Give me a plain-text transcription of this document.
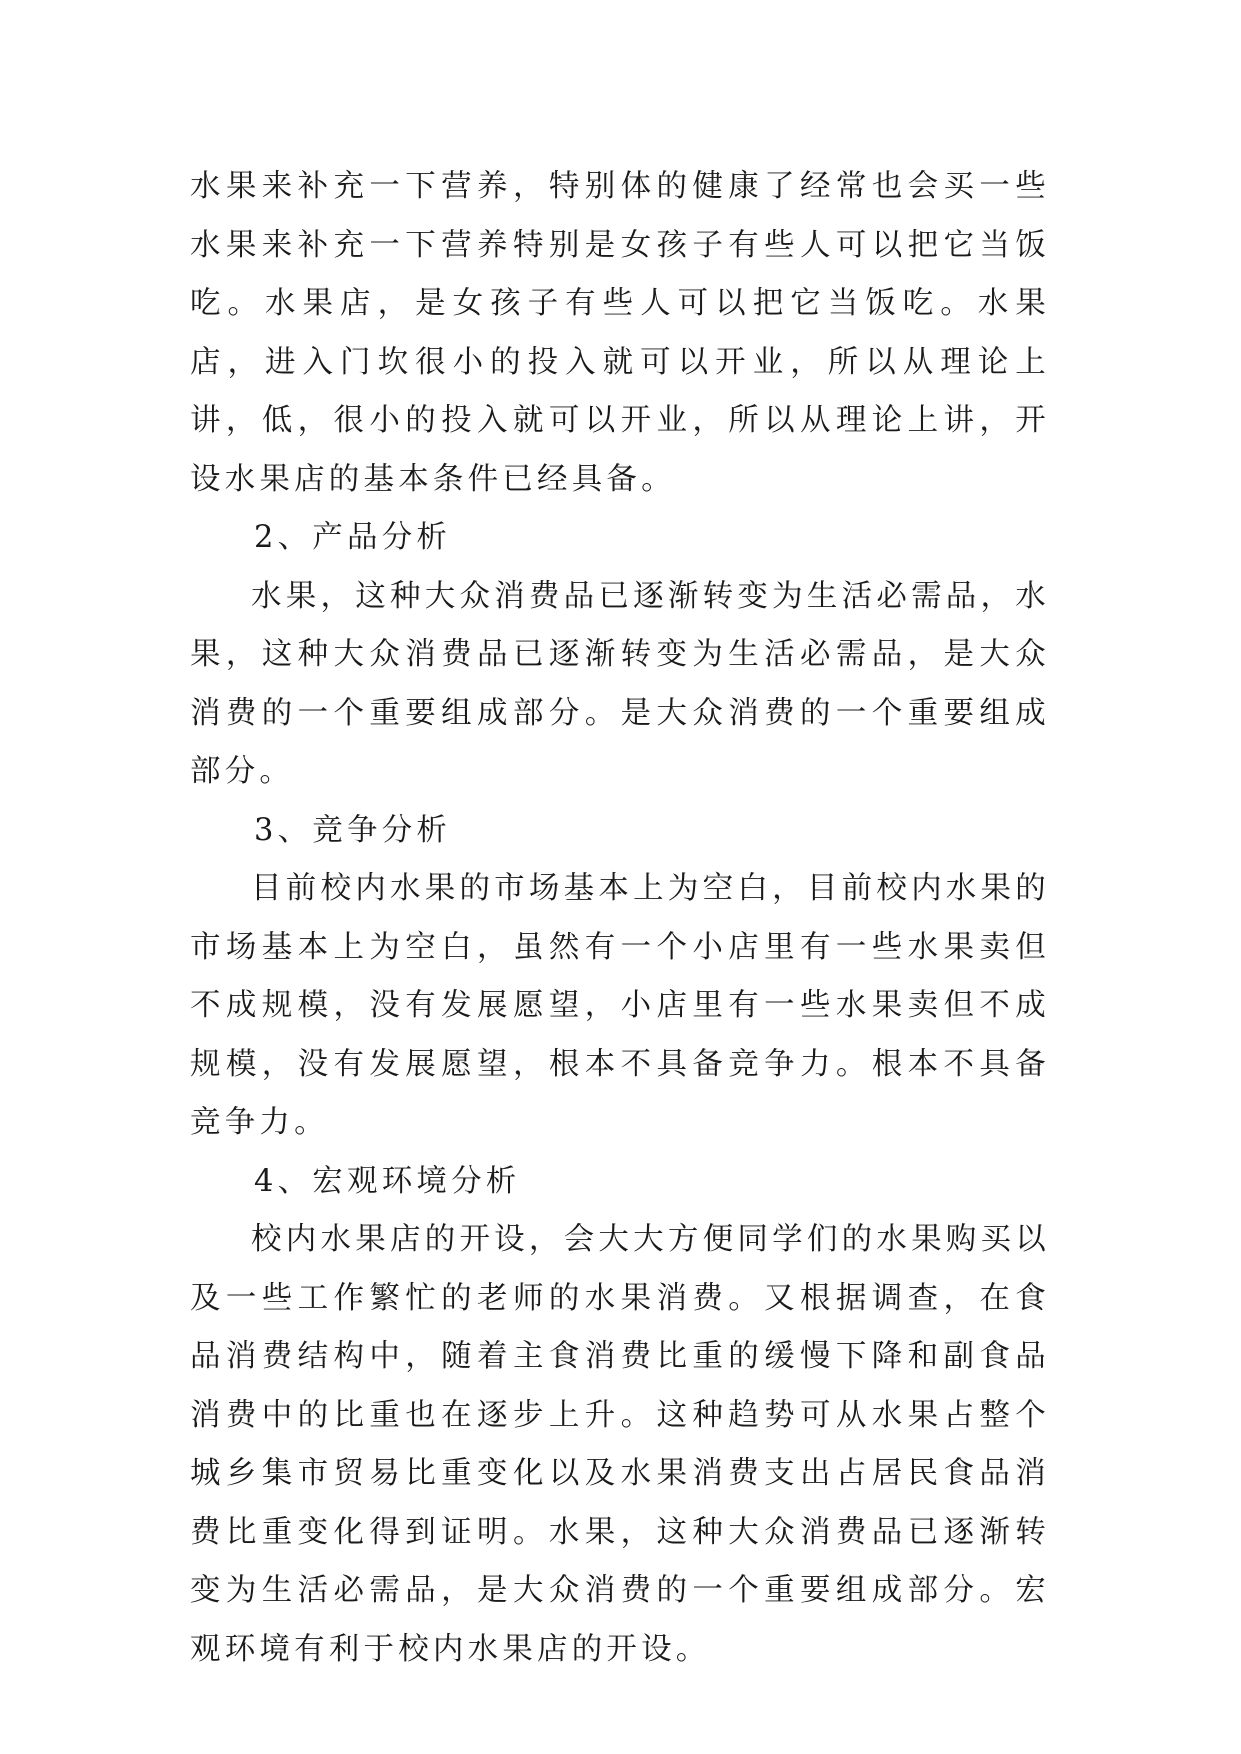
水果来补充一下营养，特别体的健康了经常也会买一些水果来补充一下营养特别是女孩子有些人可以把它当饭吃。水果店，是女孩子有些人可以把它当饭吃。水果店，进入门坎很小的投入就可以开业，所以从理论上讲，低，很小的投入就可以开业，所以从理论上讲，开设水果店的基本条件已经具备。

2、产品分析

水果，这种大众消费品已逐渐转变为生活必需品，水果，这种大众消费品已逐渐转变为生活必需品，是大众消费的一个重要组成部分。是大众消费的一个重要组成部分。

3、竞争分析

目前校内水果的市场基本上为空白，目前校内水果的市场基本上为空白，虽然有一个小店里有一些水果卖但不成规模，没有发展愿望，小店里有一些水果卖但不成规模，没有发展愿望，根本不具备竞争力。根本不具备竞争力。

4、宏观环境分析

校内水果店的开设，会大大方便同学们的水果购买以及一些工作繁忙的老师的水果消费。又根据调查，在食品消费结构中，随着主食消费比重的缓慢下降和副食品消费中的比重也在逐步上升。这种趋势可从水果占整个城乡集市贸易比重变化以及水果消费支出占居民食品消费比重变化得到证明。水果，这种大众消费品已逐渐转变为生活必需品，是大众消费的一个重要组成部分。宏观环境有利于校内水果店的开设。
